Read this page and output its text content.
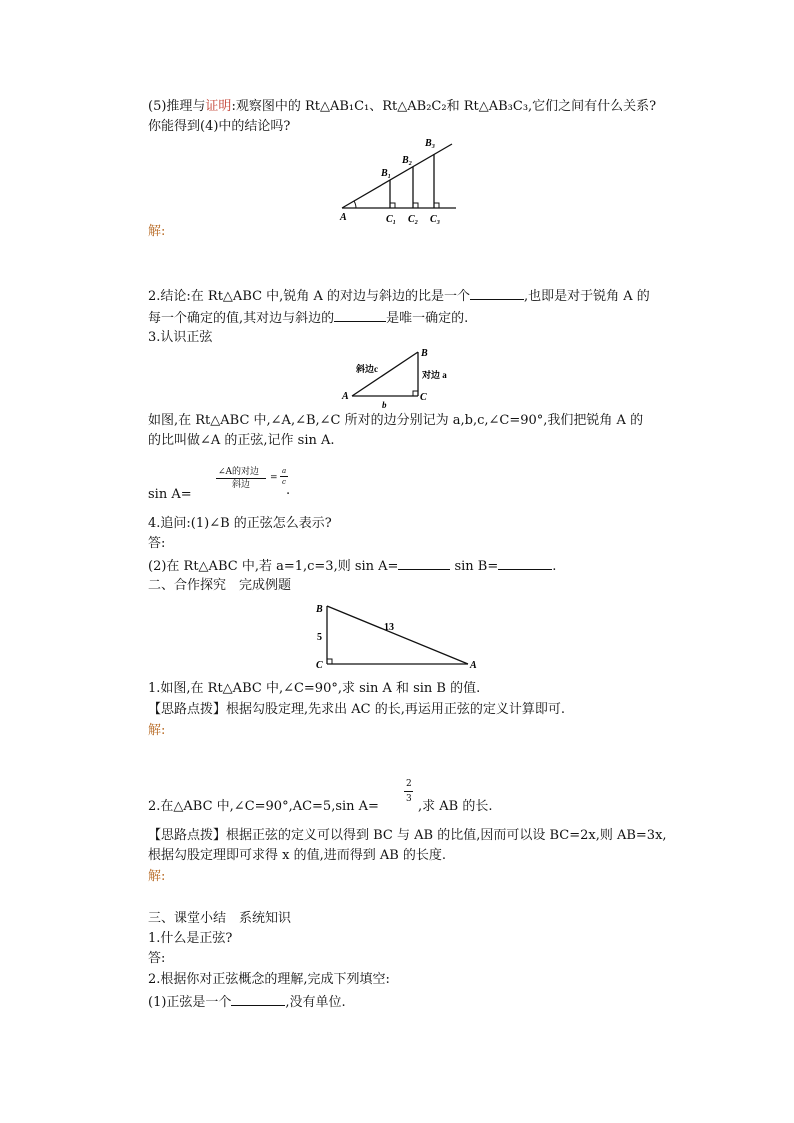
(5)推理与证明:观察图中的 Rt△AB₁C₁、Rt△AB₂C₂和 Rt△AB₃C₃,它们之间有什么关系?
你能得到(4)中的结论吗?
A
B₁
B₂
B₃
C₁ C₂ C₃
解:
2.结论:在 Rt△ABC 中,锐角 A 的对边与斜边的比是一个	,也即是对于锐角 A 的
每一个确定的值,其对边与斜边的	是唯一确定的.
3.认识正弦
B
A	C
斜边c
对边 a
b
如图,在 Rt△ABC 中,∠A,∠B,∠C 所对的边分别记为 a,b,c,∠C=90°,我们把锐角 A 的
的比叫做∠A 的正弦,记作 sin A.
∠A的对边
斜边
=
a
c
sin A=	.
4.追问:(1)∠B 的正弦怎么表示?
答:
(2)在 Rt△ABC 中,若 a=1,c=3,则 sin A=	sin B=	.
二、合作探究　完成例题
B
C	A
5
13
1.如图,在 Rt△ABC 中,∠C=90°,求 sin A 和 sin B 的值.
【思路点拨】根据勾股定理,先求出 AC 的长,再运用正弦的定义计算即可.
解:
2
3
2.在△ABC 中,∠C=90°,AC=5,sin A=	,求 AB 的长.
【思路点拨】根据正弦的定义可以得到 BC 与 AB 的比值,因而可以设 BC=2x,则 AB=3x,
根据勾股定理即可求得 x 的值,进而得到 AB 的长度.
解:
三、课堂小结　系统知识
1.什么是正弦?
答:
2.根据你对正弦概念的理解,完成下列填空:
(1)正弦是一个	,没有单位.
